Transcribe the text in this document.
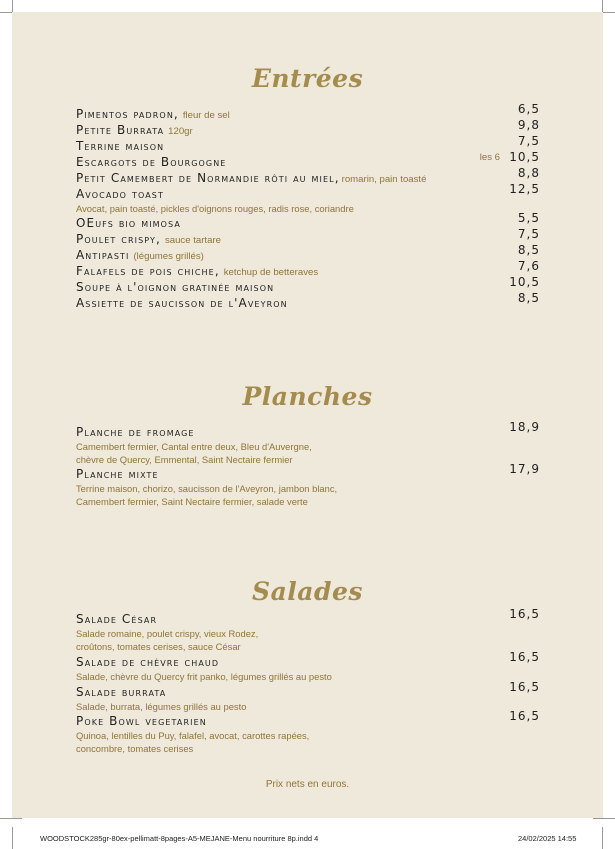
Entrées
Pimentos padron, fleur de sel	6,5
Petite Burrata 120gr	9,8
Terrine maison	7,5
Escargots de Bourgogne	les 6 10,5
Petit Camembert de Normandie rôti au miel, romarin, pain toasté	8,8
Avocado toast	12,5
Avocat, pain toasté, pickles d'oignons rouges, radis rose, coriandre
OEufs bio mimosa	5,5
Poulet crispy, sauce tartare	7,5
Antipasti (légumes grillés)	8,5
Falafels de pois chiche, ketchup de betteraves	7,6
Soupe à l'oignon gratinée maison	10,5
Assiette de saucisson de l'Aveyron	8,5
Planches
Planche de fromage	18,9
Camembert fermier, Cantal entre deux, Bleu d'Auvergne,
chèvre de Quercy, Emmental, Saint Nectaire fermier
Planche mixte	17,9
Terrine maison, chorizo, saucisson de l'Aveyron, jambon blanc,
Camembert fermier, Saint Nectaire fermier, salade verte
Salades
Salade César	16,5
Salade romaine, poulet crispy, vieux Rodez,
croûtons, tomates cerises, sauce César
Salade de chèvre chaud	16,5
Salade, chèvre du Quercy frit panko, légumes grillés au pesto
Salade burrata	16,5
Salade, burrata, légumes grillés au pesto
Poke Bowl vegetarien	16,5
Quinoa, lentilles du Puy, falafel, avocat, carottes rapées,
concombre, tomates cerises
Prix nets en euros.
WOODSTOCK285gr-80ex-pellimatt-8pages-A5-MEJANE-Menu nourriture 8p.indd 4	24/02/2025 14:55
